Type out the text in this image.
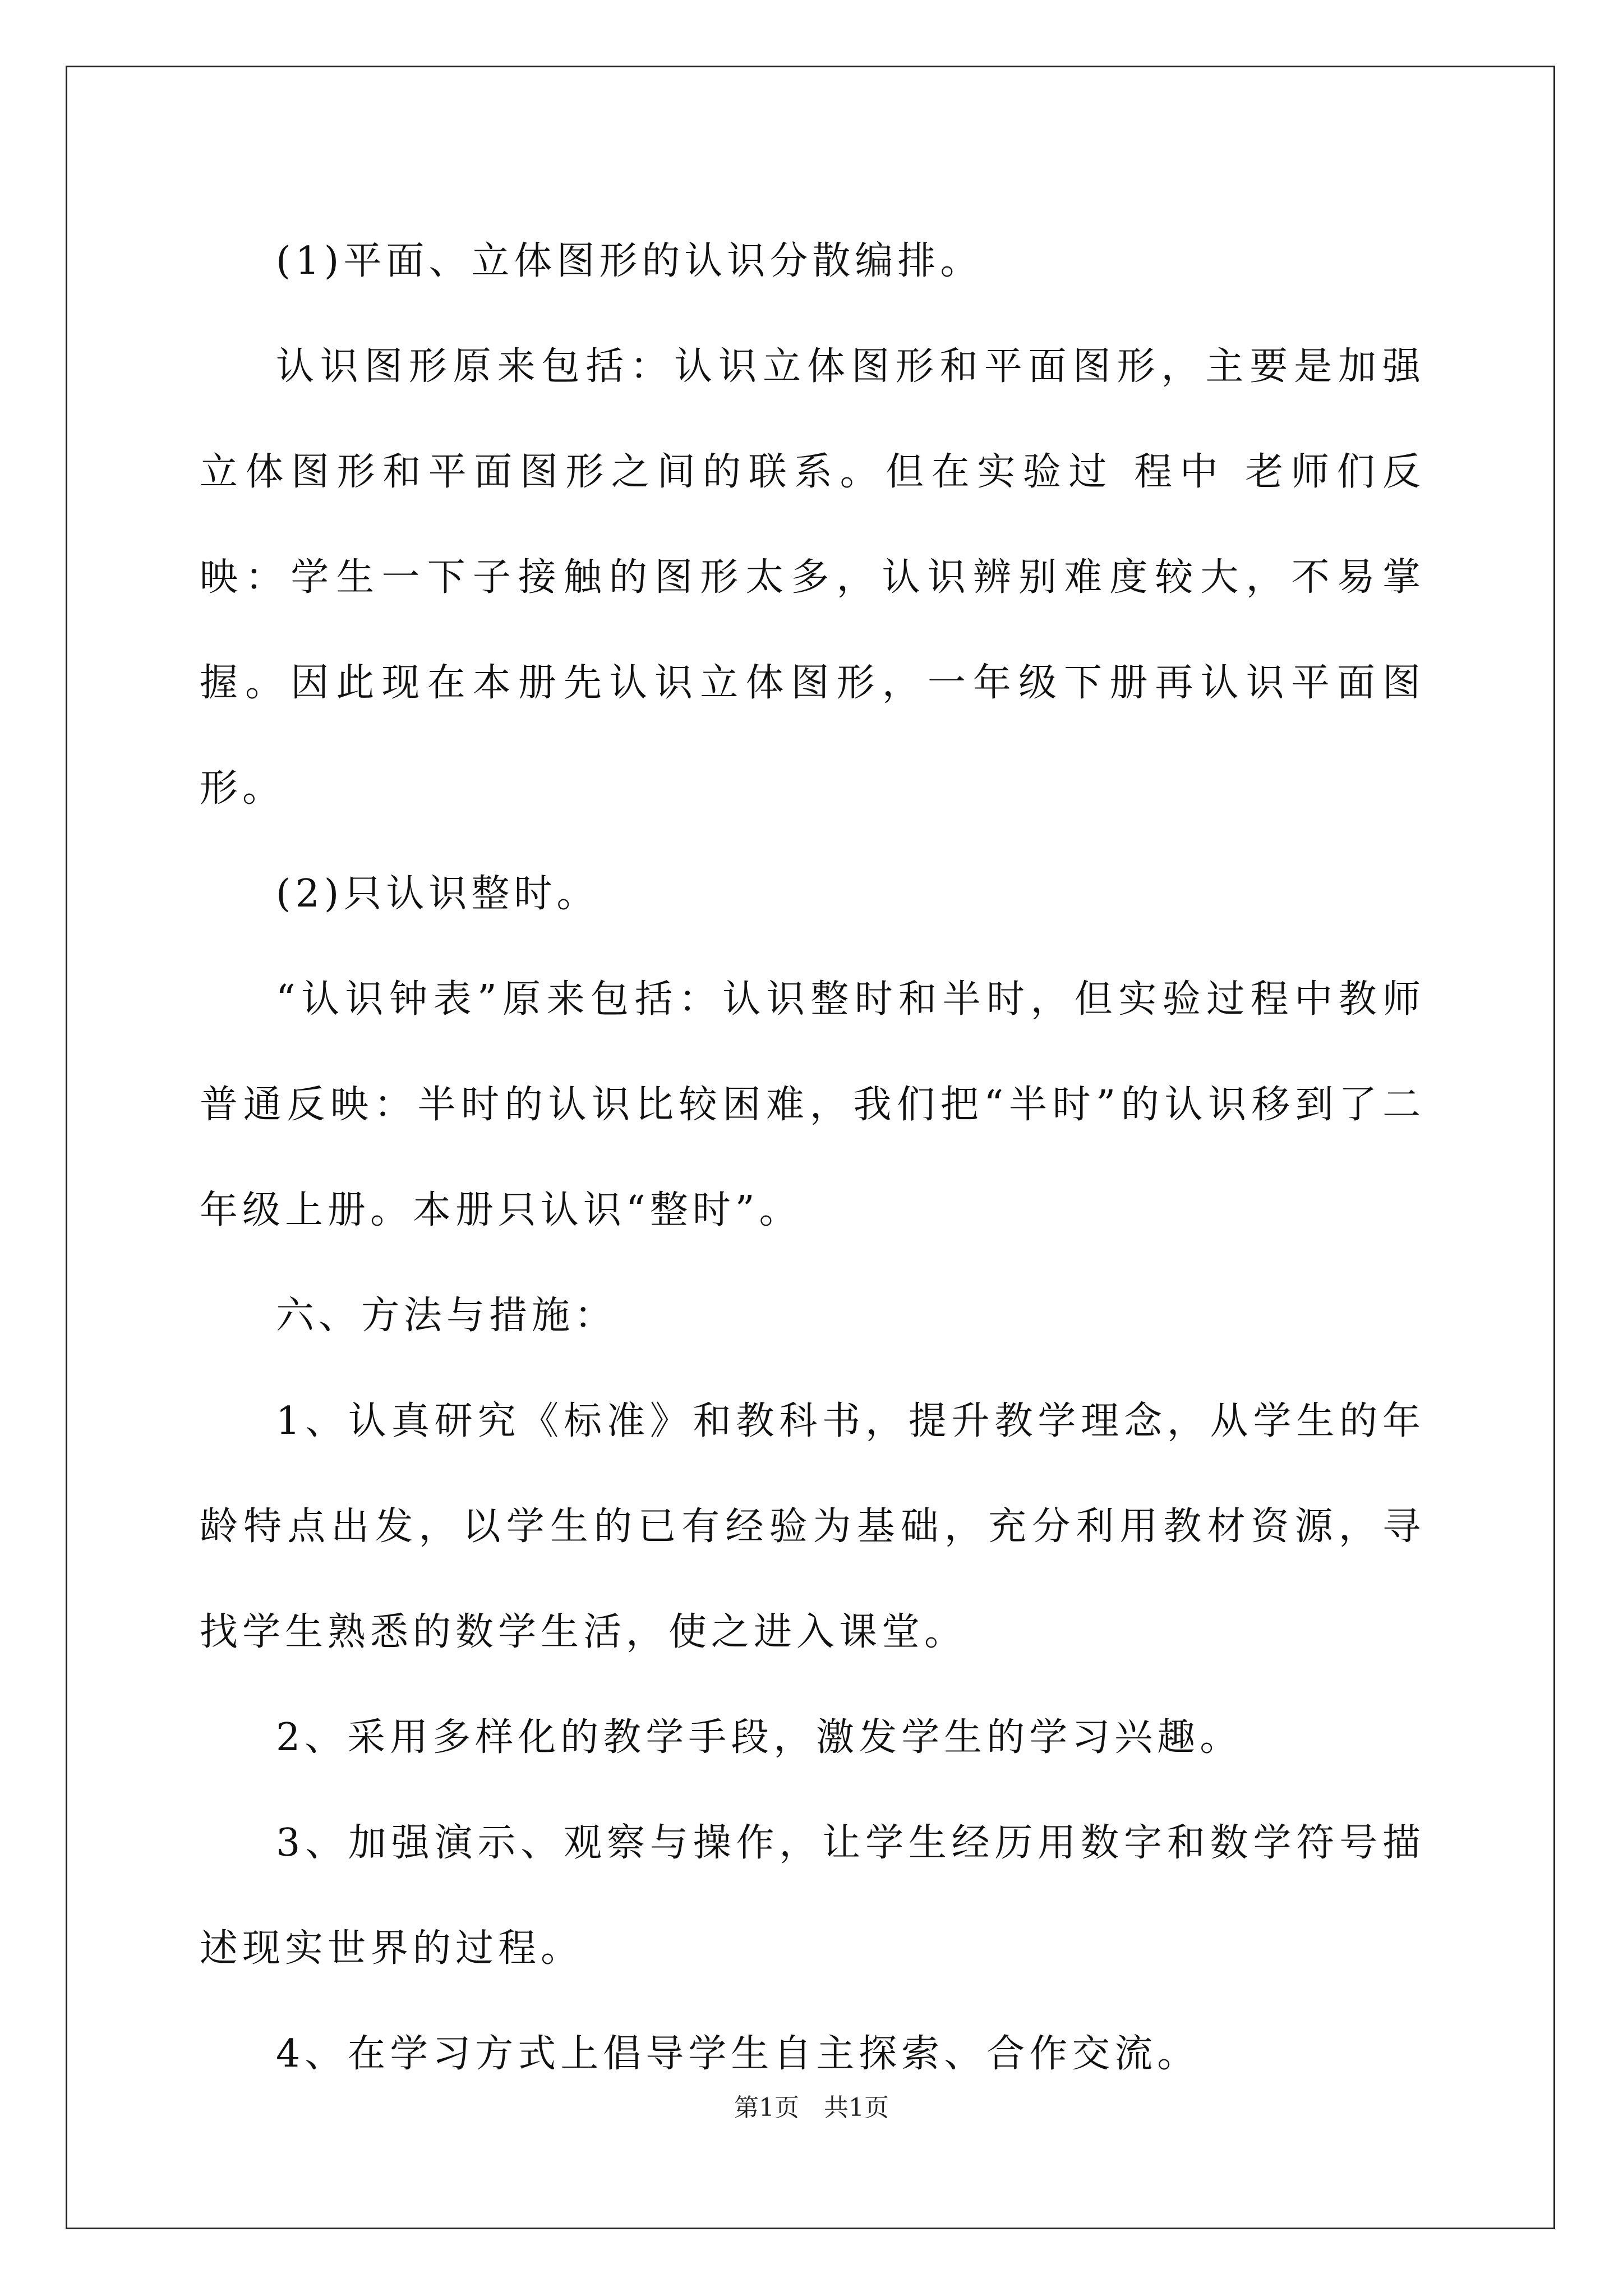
(1)平面、立体图形的认识分散编排。

认识图形原来包括：认识立体图形和平面图形，主要是加强立体图形和平面图形之间的联系。但在实验过 程中 老师们反映：学生一下子接触的图形太多，认识辨别难度较大，不易掌握。因此现在本册先认识立体图形，一年级下册再认识平面图形。

(2)只认识整时。

“认识钟表”原来包括：认识整时和半时，但实验过程中教师普通反映：半时的认识比较困难，我们把“半时”的认识移到了二年级上册。本册只认识“整时”。

六、方法与措施：

1、认真研究《标准》和教科书，提升教学理念，从学生的年龄特点出发，以学生的已有经验为基础，充分利用教材资源，寻找学生熟悉的数学生活，使之进入课堂。

2、采用多样化的教学手段，激发学生的学习兴趣。

3、加强演示、观察与操作，让学生经历用数字和数学符号描述现实世界的过程。

4、在学习方式上倡导学生自主探索、合作交流。

第1页 共1页
